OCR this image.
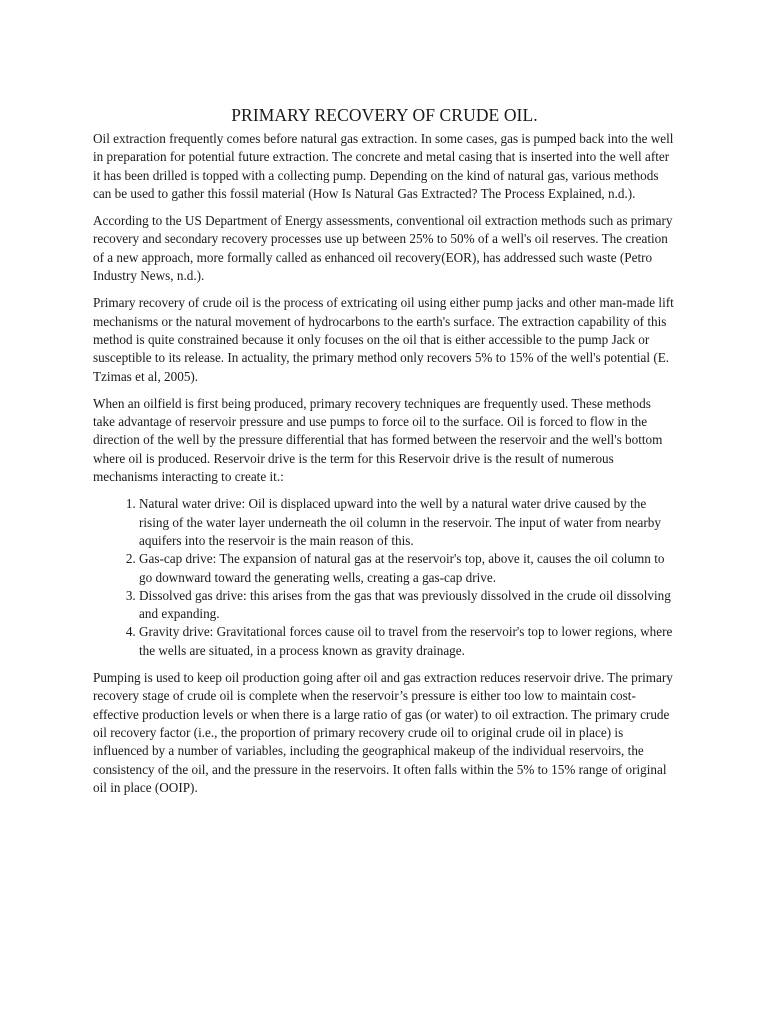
PRIMARY RECOVERY OF CRUDE OIL.

Oil extraction frequently comes before natural gas extraction. In some cases, gas is pumped back into the well in preparation for potential future extraction. The concrete and metal casing that is inserted into the well after it has been drilled is topped with a collecting pump. Depending on the kind of natural gas, various methods can be used to gather this fossil material (How Is Natural Gas Extracted? The Process Explained, n.d.).

According to the US Department of Energy assessments, conventional oil extraction methods such as primary recovery and secondary recovery processes use up between 25% to 50% of a well's oil reserves. The creation of a new approach, more formally called as enhanced oil recovery(EOR), has addressed such waste (Petro Industry News, n.d.).

Primary recovery of crude oil is the process of extricating oil using either pump jacks and other man-made lift mechanisms or the natural movement of hydrocarbons to the earth's surface. The extraction capability of this method is quite constrained because it only focuses on the oil that is either accessible to the pump Jack or susceptible to its release. In actuality, the primary method only recovers 5% to 15% of the well's potential (E. Tzimas et al, 2005).

When an oilfield is first being produced, primary recovery techniques are frequently used. These methods take advantage of reservoir pressure and use pumps to force oil to the surface. Oil is forced to flow in the direction of the well by the pressure differential that has formed between the reservoir and the well's bottom where oil is produced. Reservoir drive is the term for this Reservoir drive is the result of numerous mechanisms interacting to create it.:

1. Natural water drive: Oil is displaced upward into the well by a natural water drive caused by the rising of the water layer underneath the oil column in the reservoir. The input of water from nearby aquifers into the reservoir is the main reason of this.
2. Gas-cap drive: The expansion of natural gas at the reservoir's top, above it, causes the oil column to go downward toward the generating wells, creating a gas-cap drive.
3. Dissolved gas drive: this arises from the gas that was previously dissolved in the crude oil dissolving and expanding.
4. Gravity drive: Gravitational forces cause oil to travel from the reservoir's top to lower regions, where the wells are situated, in a process known as gravity drainage.

Pumping is used to keep oil production going after oil and gas extraction reduces reservoir drive. The primary recovery stage of crude oil is complete when the reservoir’s pressure is either too low to maintain cost-effective production levels or when there is a large ratio of gas (or water) to oil extraction. The primary crude oil recovery factor (i.e., the proportion of primary recovery crude oil to original crude oil in place) is influenced by a number of variables, including the geographical makeup of the individual reservoirs, the consistency of the oil, and the pressure in the reservoirs. It often falls within the 5% to 15% range of original oil in place (OOIP).
